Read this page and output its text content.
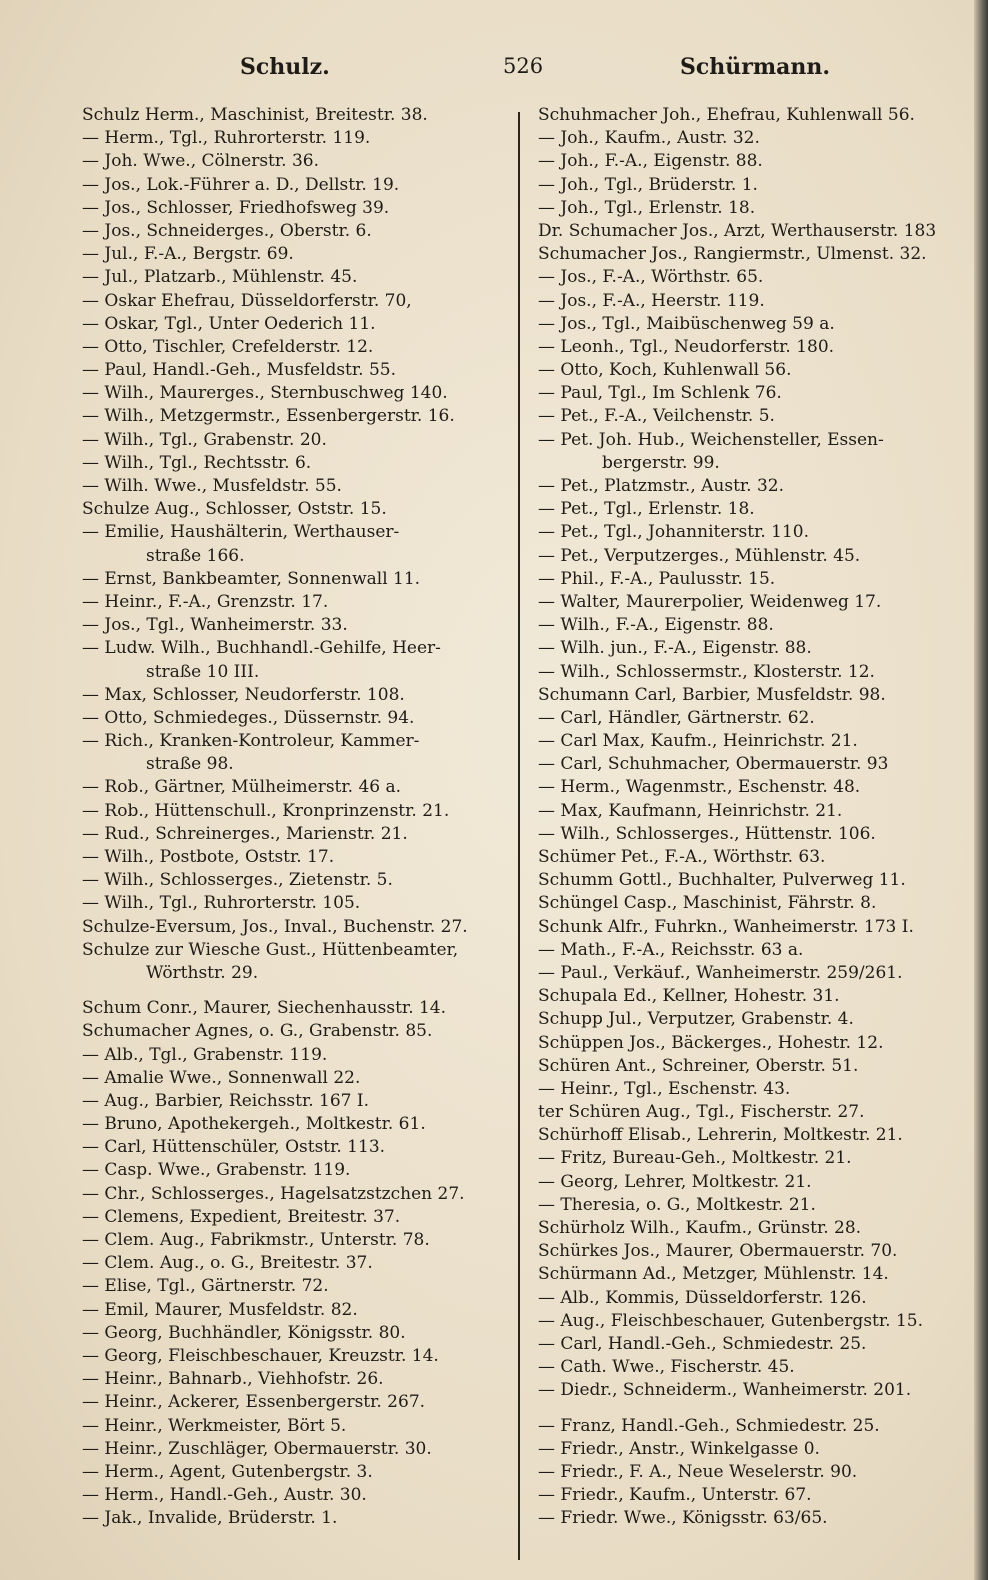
Schulz.	526	Schürmann.
Schulz Herm., Maschinist, Breitestr. 38.
— Herm., Tgl., Ruhrorterstr. 119.
— Joh. Wwe., Cölnerstr. 36.
— Jos., Lok.-Führer a. D., Dellstr. 19.
— Jos., Schlosser, Friedhofsweg 39.
— Jos., Schneiderges., Oberstr. 6.
— Jul., F.-A., Bergstr. 69.
— Jul., Platzarb., Mühlenstr. 45.
— Oskar Ehefrau, Düsseldorferstr. 70,
— Oskar, Tgl., Unter Oederich 11.
— Otto, Tischler, Crefelderstr. 12.
— Paul, Handl.-Geh., Musfeldstr. 55.
— Wilh., Maurerges., Sternbuschweg 140.
— Wilh., Metzgermstr., Essenbergerstr. 16.
— Wilh., Tgl., Grabenstr. 20.
— Wilh., Tgl., Rechtsstr. 6.
— Wilh. Wwe., Musfeldstr. 55.
Schulze Aug., Schlosser, Oststr. 15.
— Emilie, Haushälterin, Werthauser-
straße 166.
— Ernst, Bankbeamter, Sonnenwall 11.
— Heinr., F.-A., Grenzstr. 17.
— Jos., Tgl., Wanheimerstr. 33.
— Ludw. Wilh., Buchhandl.-Gehilfe, Heer-
straße 10 III.
— Max, Schlosser, Neudorferstr. 108.
— Otto, Schmiedeges., Düssernstr. 94.
— Rich., Kranken-Kontroleur, Kammer-
straße 98.
— Rob., Gärtner, Mülheimerstr. 46 a.
— Rob., Hüttenschull., Kronprinzenstr. 21.
— Rud., Schreinerges., Marienstr. 21.
— Wilh., Postbote, Oststr. 17.
— Wilh., Schlosserges., Zietenstr. 5.
— Wilh., Tgl., Ruhrorterstr. 105.
Schulze-Eversum, Jos., Inval., Buchenstr. 27.
Schulze zur Wiesche Gust., Hüttenbeamter,
Wörthstr. 29.
Schum Conr., Maurer, Siechenhausstr. 14.
Schumacher Agnes, o. G., Grabenstr. 85.
— Alb., Tgl., Grabenstr. 119.
— Amalie Wwe., Sonnenwall 22.
— Aug., Barbier, Reichsstr. 167 I.
— Bruno, Apothekergeh., Moltkestr. 61.
— Carl, Hüttenschüler, Oststr. 113.
— Casp. Wwe., Grabenstr. 119.
— Chr., Schlosserges., Hagelsatzstzchen 27.
— Clemens, Expedient, Breitestr. 37.
— Clem. Aug., Fabrikmstr., Unterstr. 78.
— Clem. Aug., o. G., Breitestr. 37.
— Elise, Tgl., Gärtnerstr. 72.
— Emil, Maurer, Musfeldstr. 82.
— Georg, Buchhändler, Königsstr. 80.
— Georg, Fleischbeschauer, Kreuzstr. 14.
— Heinr., Bahnarb., Viehhofstr. 26.
— Heinr., Ackerer, Essenbergerstr. 267.
— Heinr., Werkmeister, Bört 5.
— Heinr., Zuschläger, Obermauerstr. 30.
— Herm., Agent, Gutenbergstr. 3.
— Herm., Handl.-Geh., Austr. 30.
— Jak., Invalide, Brüderstr. 1.
Schuhmacher Joh., Ehefrau, Kuhlenwall 56.
— Joh., Kaufm., Austr. 32.
— Joh., F.-A., Eigenstr. 88.
— Joh., Tgl., Brüderstr. 1.
— Joh., Tgl., Erlenstr. 18.
Dr. Schumacher Jos., Arzt, Werthauserstr. 183
Schumacher Jos., Rangiermstr., Ulmenst. 32.
— Jos., F.-A., Wörthstr. 65.
— Jos., F.-A., Heerstr. 119.
— Jos., Tgl., Maibüschenweg 59 a.
— Leonh., Tgl., Neudorferstr. 180.
— Otto, Koch, Kuhlenwall 56.
— Paul, Tgl., Im Schlenk 76.
— Pet., F.-A., Veilchenstr. 5.
— Pet. Joh. Hub., Weichensteller, Essen-
bergerstr. 99.
— Pet., Platzmstr., Austr. 32.
— Pet., Tgl., Erlenstr. 18.
— Pet., Tgl., Johanniterstr. 110.
— Pet., Verputzerges., Mühlenstr. 45.
— Phil., F.-A., Paulusstr. 15.
— Walter, Maurerpolier, Weidenweg 17.
— Wilh., F.-A., Eigenstr. 88.
— Wilh. jun., F.-A., Eigenstr. 88.
— Wilh., Schlossermstr., Klosterstr. 12.
Schumann Carl, Barbier, Musfeldstr. 98.
— Carl, Händler, Gärtnerstr. 62.
— Carl Max, Kaufm., Heinrichstr. 21.
— Carl, Schuhmacher, Obermauerstr. 93
— Herm., Wagenmstr., Eschenstr. 48.
— Max, Kaufmann, Heinrichstr. 21.
— Wilh., Schlosserges., Hüttenstr. 106.
Schümer Pet., F.-A., Wörthstr. 63.
Schumm Gottl., Buchhalter, Pulverweg 11.
Schüngel Casp., Maschinist, Fährstr. 8.
Schunk Alfr., Fuhrkn., Wanheimerstr. 173 I.
— Math., F.-A., Reichsstr. 63 a.
— Paul., Verkäuf., Wanheimerstr. 259/261.
Schupala Ed., Kellner, Hohestr. 31.
Schupp Jul., Verputzer, Grabenstr. 4.
Schüppen Jos., Bäckerges., Hohestr. 12.
Schüren Ant., Schreiner, Oberstr. 51.
— Heinr., Tgl., Eschenstr. 43.
ter Schüren Aug., Tgl., Fischerstr. 27.
Schürhoff Elisab., Lehrerin, Moltkestr. 21.
— Fritz, Bureau-Geh., Moltkestr. 21.
— Georg, Lehrer, Moltkestr. 21.
— Theresia, o. G., Moltkestr. 21.
Schürholz Wilh., Kaufm., Grünstr. 28.
Schürkes Jos., Maurer, Obermauerstr. 70.
Schürmann Ad., Metzger, Mühlenstr. 14.
— Alb., Kommis, Düsseldorferstr. 126.
— Aug., Fleischbeschauer, Gutenbergstr. 15.
— Carl, Handl.-Geh., Schmiedestr. 25.
— Cath. Wwe., Fischerstr. 45.
— Diedr., Schneiderm., Wanheimerstr. 201.
— Franz, Handl.-Geh., Schmiedestr. 25.
— Friedr., Anstr., Winkelgasse 0.
— Friedr., F. A., Neue Weselerstr. 90.
— Friedr., Kaufm., Unterstr. 67.
— Friedr. Wwe., Königsstr. 63/65.
